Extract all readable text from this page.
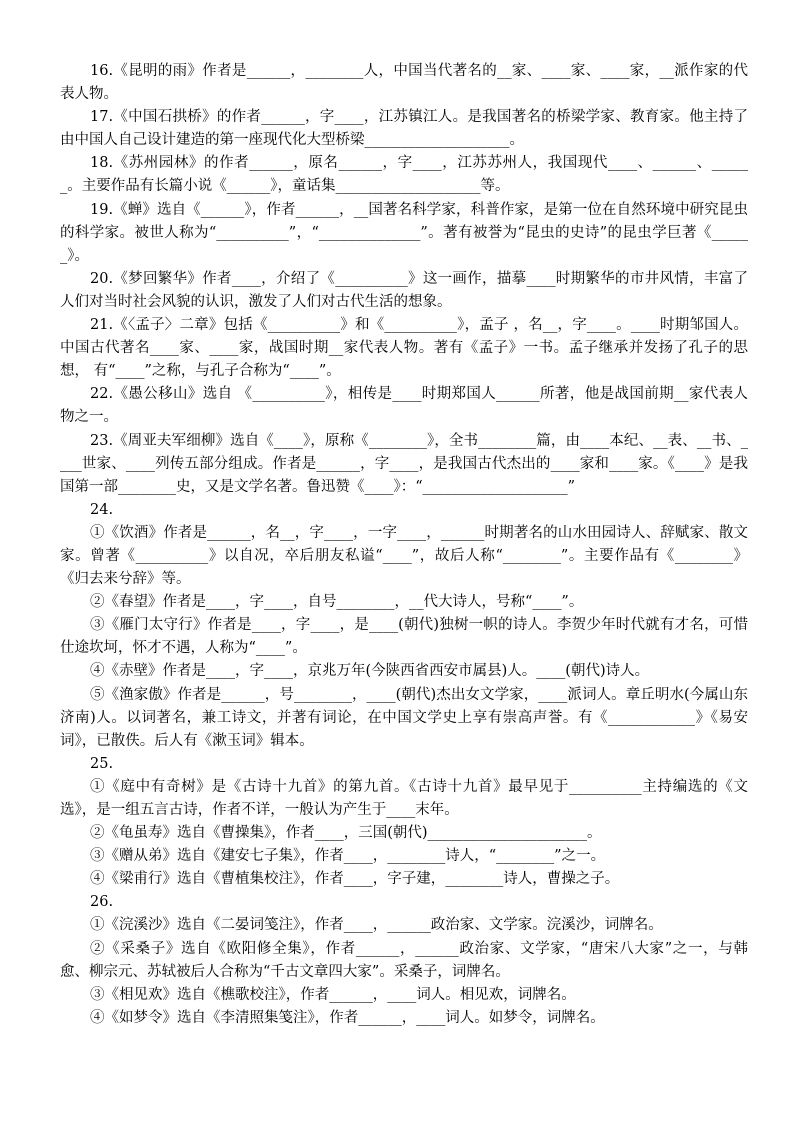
16.《昆明的雨》作者是______，________人，中国当代著名的__家、____家、____家，__派作家的代表人物。

17.《中国石拱桥》的作者______，字____，江苏镇江人。是我国著名的桥梁学家、教育家。他主持了由中国人自己设计建造的第一座现代化大型桥梁____________________。

18.《苏州园林》的作者______，原名______，字____，江苏苏州人，我国现代____、______、______。主要作品有长篇小说《______》，童话集____________________等。

19.《蝉》选自《______》，作者______，__国著名科学家，科普作家，是第一位在自然环境中研究昆虫的科学家。被世人称为“__________”，“______________”。著有被誉为“昆虫的史诗”的昆虫学巨著《______》。

20.《梦回繁华》作者____，介绍了《__________》这一画作，描摹____时期繁华的市井风情，丰富了人们对当时社会风貌的认识，激发了人们对古代生活的想象。

21.《〈孟子〉二章》包括《__________》和《__________》，孟子 ，名__，字____。____时期邹国人。中国古代著名____家、____家，战国时期__家代表人物。著有《孟子》一书。孟子继承并发扬了孔子的思想， 有“____”之称，与孔子合称为“____”。

22.《愚公移山》选自 《__________》，相传是____时期郑国人______所著，他是战国前期__家代表人物之一。

23.《周亚夫军细柳》选自《____》，原称《________》，全书________篇，由____本纪、__表、__书、____世家、____列传五部分组成。作者是______，字____，是我国古代杰出的____家和____家。《____》是我国第一部________史，又是文学名著。鲁迅赞《____》：“____________________”

24.

①《饮酒》作者是______，名__，字____，一字____，______时期著名的山水田园诗人、辞赋家、散文家。曾著《__________》以自况，卒后朋友私谥“____”，故后人称“________”。主要作品有《________》《归去来兮辞》等。

②《春望》作者是____，字____，自号________，__代大诗人，号称“____”。

③《雁门太守行》作者是____，字____，是____(朝代)独树一帜的诗人。李贺少年时代就有才名，可惜仕途坎坷，怀才不遇，人称为“____”。

④《赤壁》作者是____，字____，京兆万年(今陕西省西安市属县)人。____(朝代)诗人。

⑤《渔家傲》作者是______，号________，____(朝代)杰出女文学家，____派词人。章丘明水(今属山东济南)人。以词著名，兼工诗文，并著有词论，在中国文学史上享有崇高声誉。有《____________》《易安词》，已散佚。后人有《漱玉词》辑本。

25.

①《庭中有奇树》是《古诗十九首》的第九首。《古诗十九首》最早见于__________主持编选的《文选》，是一组五言古诗，作者不详，一般认为产生于____末年。

②《龟虽寿》选自《曹操集》，作者____，三国(朝代)______________________。

③《赠从弟》选自《建安七子集》，作者____，________诗人，“________”之一。

④《梁甫行》选自《曹植集校注》，作者____，字子建，________诗人，曹操之子。

26.

①《浣溪沙》选自《二晏词笺注》，作者____，______政治家、文学家。浣溪沙，词牌名。

②《采桑子》选自《欧阳修全集》，作者______，______政治家、文学家，“唐宋八大家”之一，与韩愈、柳宗元、苏轼被后人合称为“千古文章四大家”。采桑子，词牌名。

③《相见欢》选自《樵歌校注》，作者______，____词人。相见欢，词牌名。

④《如梦令》选自《李清照集笺注》，作者______，____词人。如梦令，词牌名。
